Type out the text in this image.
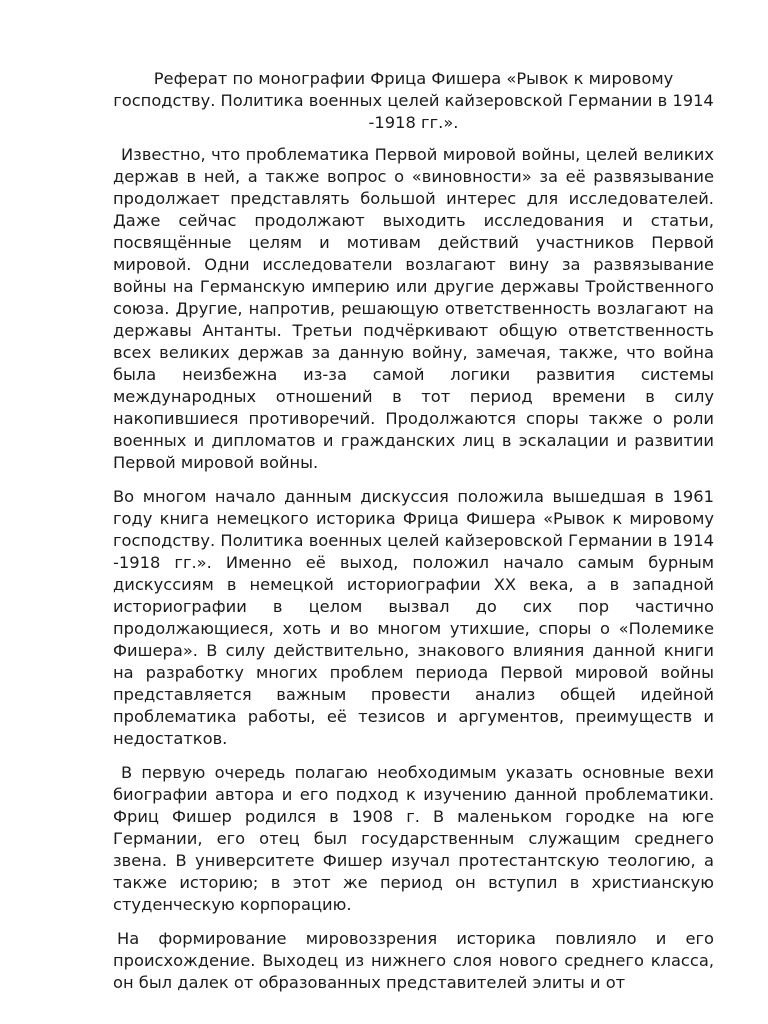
Реферат по монографии Фрица Фишера «Рывок к мировому господству. Политика военных целей кайзеровской Германии в 1914 -1918 гг.».

Известно, что проблематика Первой мировой войны, целей великих держав в ней, а также вопрос о «виновности» за её развязывание продолжает представлять большой интерес для исследователей. Даже сейчас продолжают выходить исследования и статьи, посвящённые целям и мотивам действий участников Первой мировой. Одни исследователи возлагают вину за развязывание войны на Германскую империю или другие державы Тройственного союза. Другие, напротив, решающую ответственность возлагают на державы Антанты. Третьи подчёркивают общую ответственность всех великих держав за данную войну, замечая, также, что война была неизбежна из-за самой логики развития системы международных отношений в тот период времени в силу накопившиеся противоречий. Продолжаются споры также о роли военных и дипломатов и гражданских лиц в эскалации и развитии Первой мировой войны.

Во многом начало данным дискуссия положила вышедшая в 1961 году книга немецкого историка Фрица Фишера «Рывок к мировому господству. Политика военных целей кайзеровской Германии в 1914 -1918 гг.». Именно её выход, положил начало самым бурным дискуссиям в немецкой историографии XX века, а в западной историографии в целом вызвал до сих пор частично продолжающиеся, хоть и во многом утихшие, споры о «Полемике Фишера». В силу действительно, знакового влияния данной книги на разработку многих проблем периода Первой мировой войны представляется важным провести анализ общей идейной проблематика работы, её тезисов и аргументов, преимуществ и недостатков.

В первую очередь полагаю необходимым указать основные вехи биографии автора и его подход к изучению данной проблематики. Фриц Фишер родился в 1908 г. В маленьком городке на юге Германии, его отец был государственным служащим среднего звена. В университете Фишер изучал протестантскую теологию, а также историю; в этот же период он вступил в христианскую студенческую корпорацию.

На формирование мировоззрения историка повлияло и его происхождение. Выходец из нижнего слоя нового среднего класса, он был далек от образованных представителей элиты и от
